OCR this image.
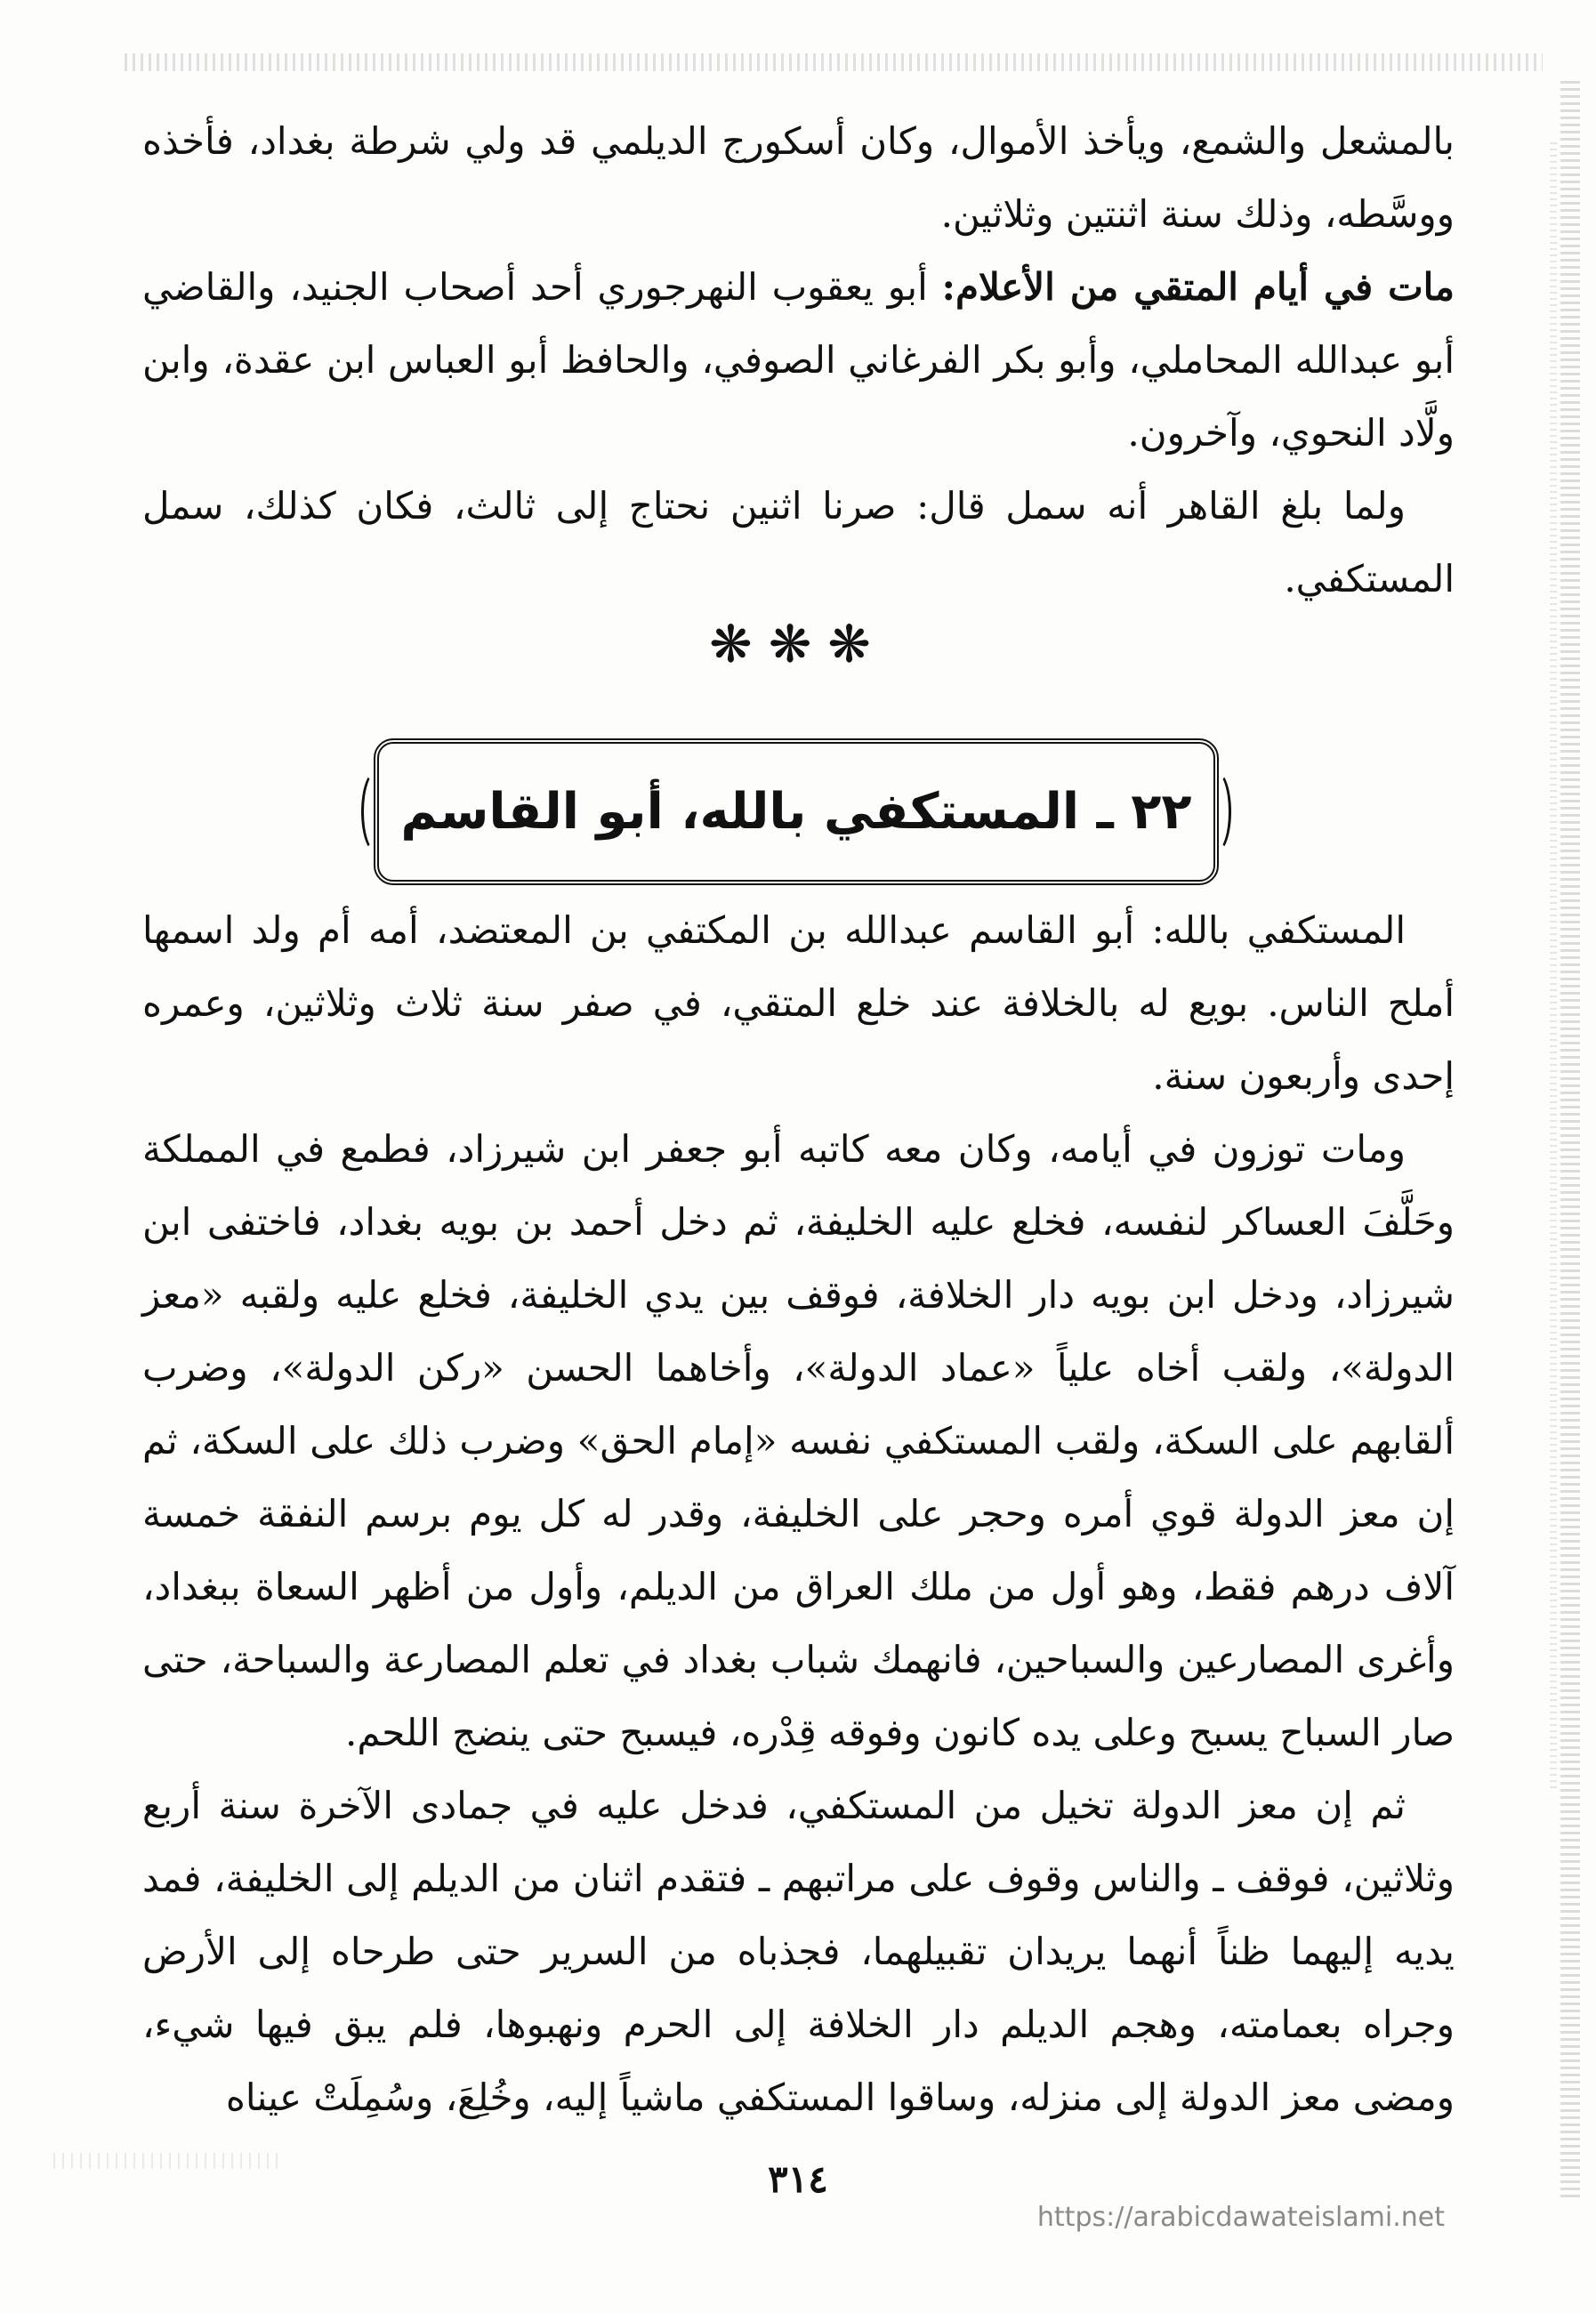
بالمشعل والشمع، ويأخذ الأموال، وكان أسكورج الديلمي قد ولي شرطة بغداد، فأخذه ووسَّطه، وذلك سنة اثنتين وثلاثين.

مات في أيام المتقي من الأعلام: أبو يعقوب النهرجوري أحد أصحاب الجنيد، والقاضي أبو عبدالله المحاملي، وأبو بكر الفرغاني الصوفي، والحافظ أبو العباس ابن عقدة، وابن ولَّاد النحوي، وآخرون.

ولما بلغ القاهر أنه سمل قال: صرنا اثنين نحتاج إلى ثالث، فكان كذلك، سمل المستكفي.

❋❋❋
٢٢ ـ المستكفي بالله، أبو القاسم

المستكفي بالله: أبو القاسم عبدالله بن المكتفي بن المعتضد، أمه أم ولد اسمها أملح الناس. بويع له بالخلافة عند خلع المتقي، في صفر سنة ثلاث وثلاثين، وعمره إحدى وأربعون سنة.

ومات توزون في أيامه، وكان معه كاتبه أبو جعفر ابن شيرزاد، فطمع في المملكة وحَلَّفَ العساكر لنفسه، فخلع عليه الخليفة، ثم دخل أحمد بن بويه بغداد، فاختفى ابن شيرزاد، ودخل ابن بويه دار الخلافة، فوقف بين يدي الخليفة، فخلع عليه ولقبه «معز الدولة»، ولقب أخاه علياً «عماد الدولة»، وأخاهما الحسن «ركن الدولة»، وضرب ألقابهم على السكة، ولقب المستكفي نفسه «إمام الحق» وضرب ذلك على السكة، ثم إن معز الدولة قوي أمره وحجر على الخليفة، وقدر له كل يوم برسم النفقة خمسة آلاف درهم فقط، وهو أول من ملك العراق من الديلم، وأول من أظهر السعاة ببغداد، وأغرى المصارعين والسباحين، فانهمك شباب بغداد في تعلم المصارعة والسباحة، حتى صار السباح يسبح وعلى يده كانون وفوقه قِدْره، فيسبح حتى ينضج اللحم.

ثم إن معز الدولة تخيل من المستكفي، فدخل عليه في جمادى الآخرة سنة أربع وثلاثين، فوقف ـ والناس وقوف على مراتبهم ـ فتقدم اثنان من الديلم إلى الخليفة، فمد يديه إليهما ظناً أنهما يريدان تقبيلهما، فجذباه من السرير حتى طرحاه إلى الأرض وجراه بعمامته، وهجم الديلم دار الخلافة إلى الحرم ونهبوها، فلم يبق فيها شيء، ومضى معز الدولة إلى منزله، وساقوا المستكفي ماشياً إليه، وخُلِعَ، وسُمِلَتْ عيناه

٣١٤
https://arabicdawateislami.net
